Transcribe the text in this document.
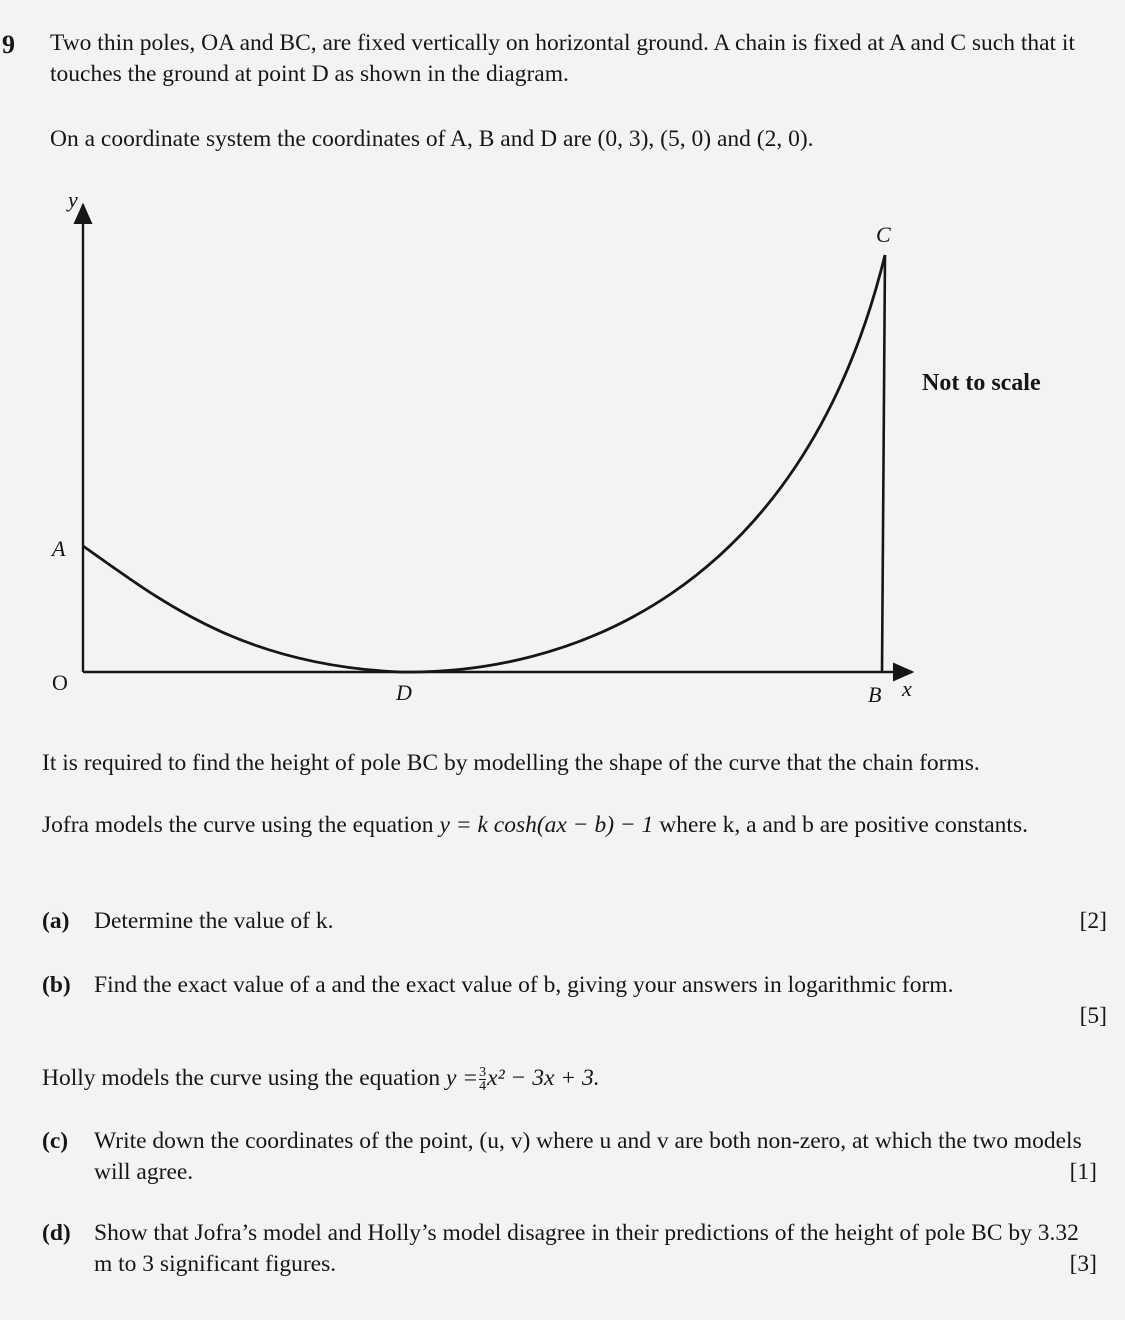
9 Two thin poles, OA and BC, are fixed vertically on horizontal ground. A chain is fixed at A and C such that it touches the ground at point D as shown in the diagram.
On a coordinate system the coordinates of A, B and D are (0, 3), (5, 0) and (2, 0).
y
x
O
A
B
C
D
Not to scale
It is required to find the height of pole BC by modelling the shape of the curve that the chain forms.
Jofra models the curve using the equation y = k cosh(ax − b) − 1 where k, a and b are positive constants.
(a) Determine the value of k.	[2]
(b) Find the exact value of a and the exact value of b, giving your answers in logarithmic form.
[5]
Holly models the curve using the equation $y = \frac{3}{4} x^2 - 3x + 3$.
(c) Write down the coordinates of the point, (u, v) where u and v are both non-zero, at which the two models will agree.	[1]
(d) Show that Jofra’s model and Holly’s model disagree in their predictions of the height of pole BC by 3.32 m to 3 significant figures.	[3]
